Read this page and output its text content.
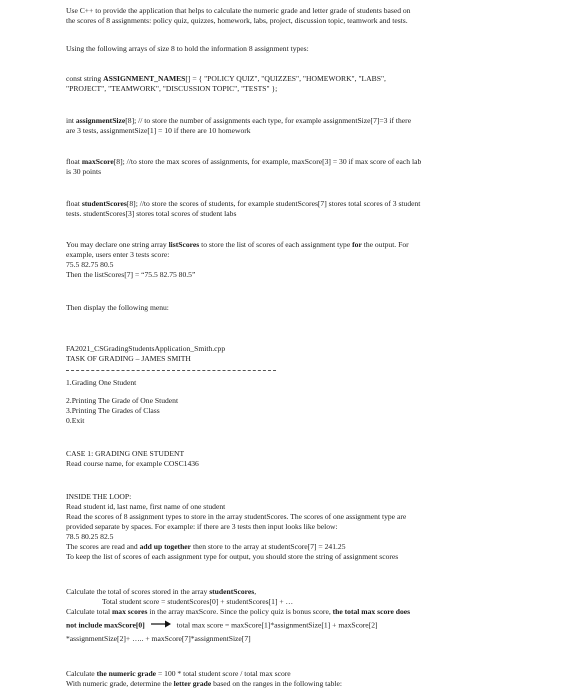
Use C++ to provide the application that helps to calculate the numeric grade and letter grade of students based on
the scores of 8 assignments: policy quiz, quizzes, homework, labs, project, discussion topic, teamwork and tests.
Using the following arrays of size 8 to hold the information 8 assignment types:
const string ASSIGNMENT_NAMES[] = { "POLICY QUIZ", "QUIZZES", "HOMEWORK", "LABS",
"PROJECT", "TEAMWORK", "DISCUSSION TOPIC", "TESTS" };
int assignmentSize[8]; // to store the number of assignments each type, for example assignmentSize[7]=3 if there
are 3 tests, assignmentSize[1] = 10 if there are 10 homework
float maxScore[8]; //to store the max scores of assignments, for example, maxScore[3] = 30 if max score of each lab
is 30 points
float studentScores[8]; //to store the scores of students, for example studentScores[7] stores total scores of 3 student
tests. studentScores[3] stores total scores of student labs
You may declare one string array listScores to store the list of scores of each assignment type for the output. For
example, users enter 3 tests score:
75.5 82.75 80.5
Then the listScores[7] = “75.5 82.75 80.5”
Then display the following menu:
FA2021_CSGradingStudentsApplication_Smith.cpp
TASK OF GRADING – JAMES SMITH
1.Grading One Student
2.Printing The Grade of One Student
3.Printing The Grades of Class
0.Exit
CASE 1: GRADING ONE STUDENT
Read course name, for example COSC1436
INSIDE THE LOOP:
Read student id, last name, first name of one student
Read the scores of 8 assignment types to store in the array studentScores. The scores of one assignment type are
provided separate by spaces. For example: if there are 3 tests then input looks like below:
78.5 80.25 82.5
The scores are read and add up together then store to the array at studentScore[7] = 241.25
To keep the list of scores of each assignment type for output, you should store the string of assignment scores
Calculate the total of scores stored in the array studentScores,
Total student score = studentScores[0] + studentScores[1] + …
Calculate total max scores in the array maxScore. Since the policy quiz is bonus score, the total max score does
not include maxScore[0]	total max score = maxScore[1]*assignmentSize[1] + maxScore[2]
*assignmentSize[2]+ ….. + maxScore[7]*assignmentSize[7]
Calculate the numeric grade = 100 * total student score / total max score
With numeric grade, determine the letter grade based on the ranges in the following table:
